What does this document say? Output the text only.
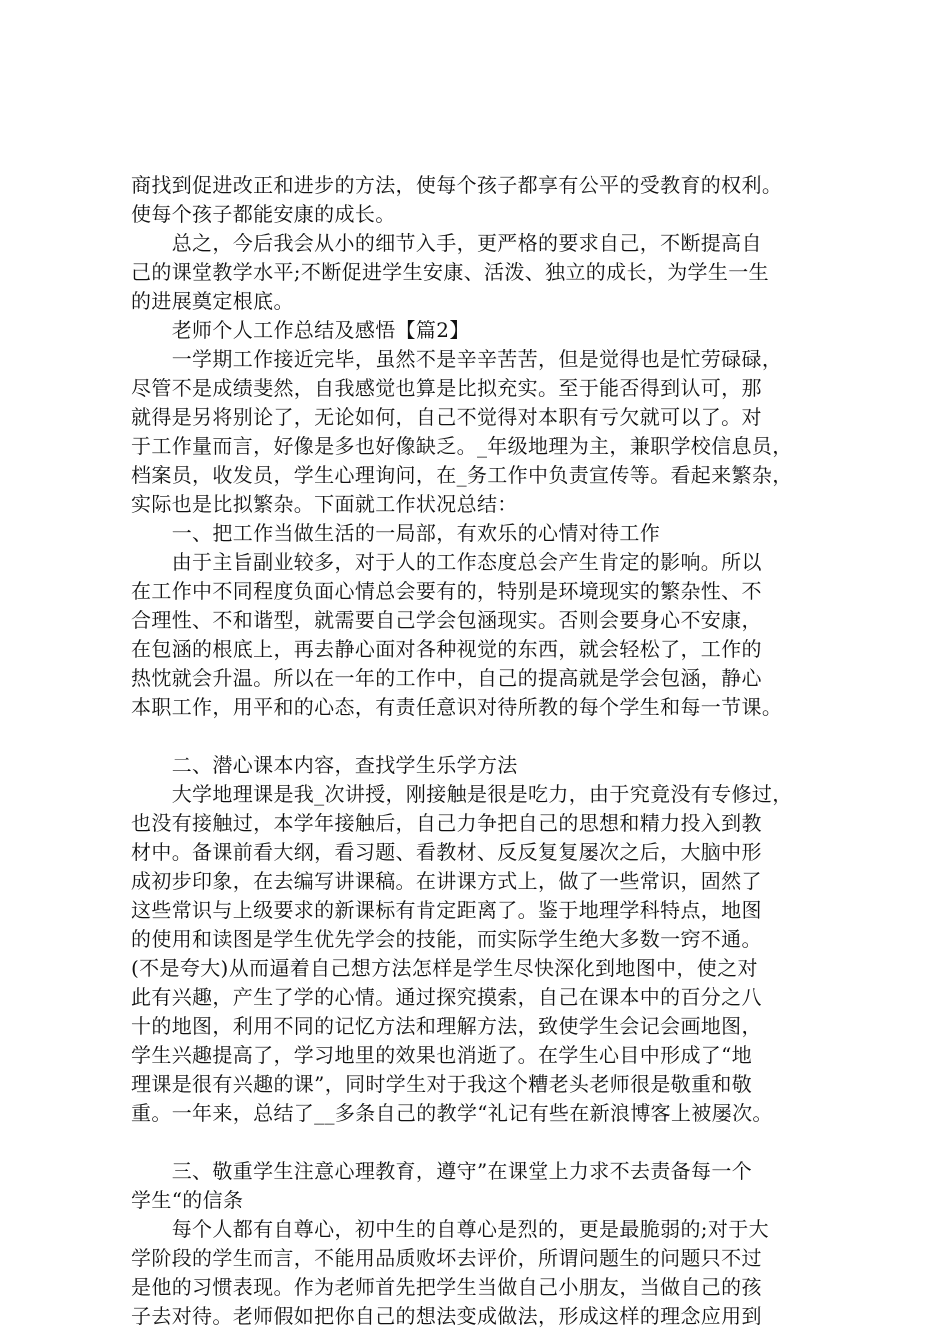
商找到促进改正和进步的方法，使每个孩子都享有公平的受教育的权利。
使每个孩子都能安康的成长。
　　总之，今后我会从小的细节入手，更严格的要求自己，不断提高自
己的课堂教学水平;不断促进学生安康、活泼、独立的成长，为学生一生
的进展奠定根底。
　　老师个人工作总结及感悟【篇2】
　　一学期工作接近完毕，虽然不是辛辛苦苦，但是觉得也是忙劳碌碌，
尽管不是成绩斐然，自我感觉也算是比拟充实。至于能否得到认可，那
就得是另将别论了，无论如何，自己不觉得对本职有亏欠就可以了。对
于工作量而言，好像是多也好像缺乏。_年级地理为主，兼职学校信息员，
档案员，收发员，学生心理询问，在_务工作中负责宣传等。看起来繁杂，
实际也是比拟繁杂。下面就工作状况总结：
　　一、把工作当做生活的一局部，有欢乐的心情对待工作
　　由于主旨副业较多，对于人的工作态度总会产生肯定的影响。所以
在工作中不同程度负面心情总会要有的，特别是环境现实的繁杂性、不
合理性、不和谐型，就需要自己学会包涵现实。否则会要身心不安康，
在包涵的根底上，再去静心面对各种视觉的东西，就会轻松了，工作的
热忱就会升温。所以在一年的工作中，自己的提高就是学会包涵，静心
本职工作，用平和的心态，有责任意识对待所教的每个学生和每一节课。
　　二、潜心课本内容，查找学生乐学方法
　　大学地理课是我_次讲授，刚接触是很是吃力，由于究竟没有专修过，
也没有接触过，本学年接触后，自己力争把自己的思想和精力投入到教
材中。备课前看大纲，看习题、看教材、反反复复屡次之后，大脑中形
成初步印象，在去编写讲课稿。在讲课方式上，做了一些常识，固然了
这些常识与上级要求的新课标有肯定距离了。鉴于地理学科特点，地图
的使用和读图是学生优先学会的技能，而实际学生绝大多数一窍不通。
(不是夸大)从而逼着自己想方法怎样是学生尽快深化到地图中，使之对
此有兴趣，产生了学的心情。通过探究摸索，自己在课本中的百分之八
十的地图，利用不同的记忆方法和理解方法，致使学生会记会画地图，
学生兴趣提高了，学习地里的效果也消逝了。在学生心目中形成了“地
理课是很有兴趣的课”，同时学生对于我这个糟老头老师很是敬重和敬
重。一年来，总结了__多条自己的教学“礼记有些在新浪博客上被屡次。
　　三、敬重学生注意心理教育，遵守”在课堂上力求不去责备每一个
学生“的信条
　　每个人都有自尊心，初中生的自尊心是烈的，更是最脆弱的;对于大
学阶段的学生而言，不能用品质败坏去评价，所谓问题生的问题只不过
是他的习惯表现。作为老师首先把学生当做自己小朋友，当做自己的孩
子去对待。老师假如把你自己的想法变成做法，形成这样的理念应用到
